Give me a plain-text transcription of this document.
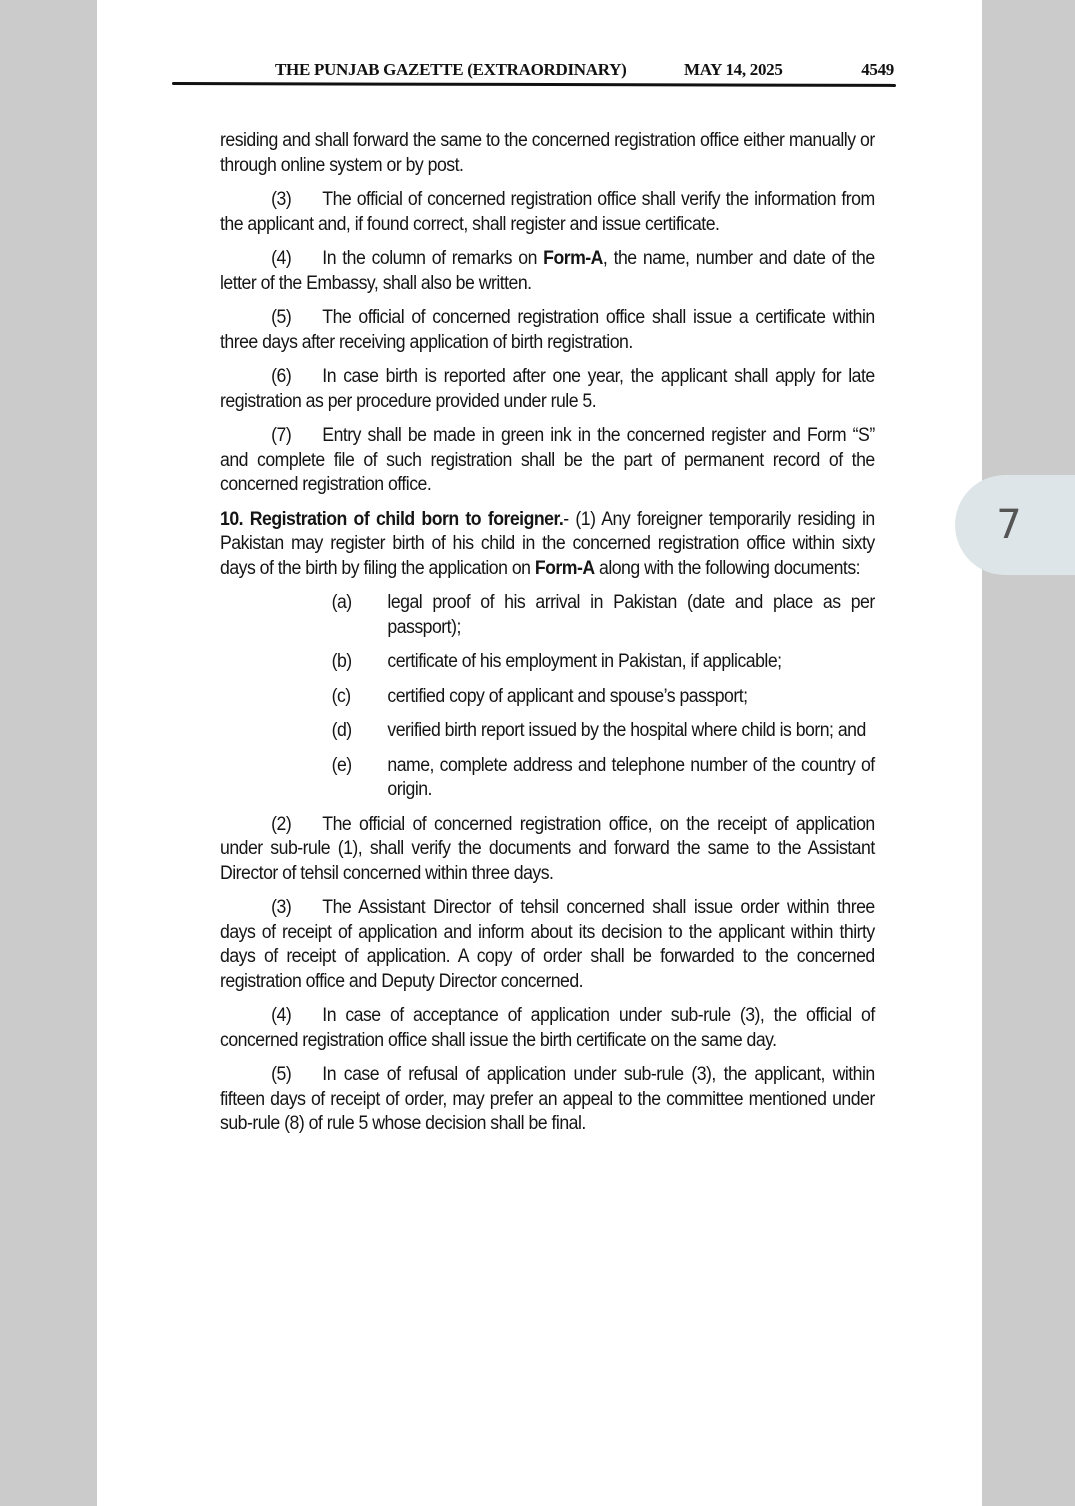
THE PUNJAB GAZETTE (EXTRAORDINARY)	MAY 14, 2025	4549

residing and shall forward the same to the concerned registration office either manually or through online system or by post.

(3) The official of concerned registration office shall verify the information from the applicant and, if found correct, shall register and issue certificate.

(4) In the column of remarks on Form-A, the name, number and date of the letter of the Embassy, shall also be written.

(5) The official of concerned registration office shall issue a certificate within three days after receiving application of birth registration.

(6) In case birth is reported after one year, the applicant shall apply for late registration as per procedure provided under rule 5.

(7) Entry shall be made in green ink in the concerned register and Form “S” and complete file of such registration shall be the part of permanent record of the concerned registration office.

10. Registration of child born to foreigner.- (1) Any foreigner temporarily residing in Pakistan may register birth of his child in the concerned registration office within sixty days of the birth by filing the application on Form-A along with the following documents:

(a)	legal proof of his arrival in Pakistan (date and place as per passport);
(b)	certificate of his employment in Pakistan, if applicable;
(c)	certified copy of applicant and spouse’s passport;
(d)	verified birth report issued by the hospital where child is born; and
(e)	name, complete address and telephone number of the country of origin.

(2) The official of concerned registration office, on the receipt of application under sub-rule (1), shall verify the documents and forward the same to the Assistant Director of tehsil concerned within three days.

(3) The Assistant Director of tehsil concerned shall issue order within three days of receipt of application and inform about its decision to the applicant within thirty days of receipt of application. A copy of order shall be forwarded to the concerned registration office and Deputy Director concerned.

(4) In case of acceptance of application under sub-rule (3), the official of concerned registration office shall issue the birth certificate on the same day.

(5) In case of refusal of application under sub-rule (3), the applicant, within fifteen days of receipt of order, may prefer an appeal to the committee mentioned under sub-rule (8) of rule 5 whose decision shall be final.

7
